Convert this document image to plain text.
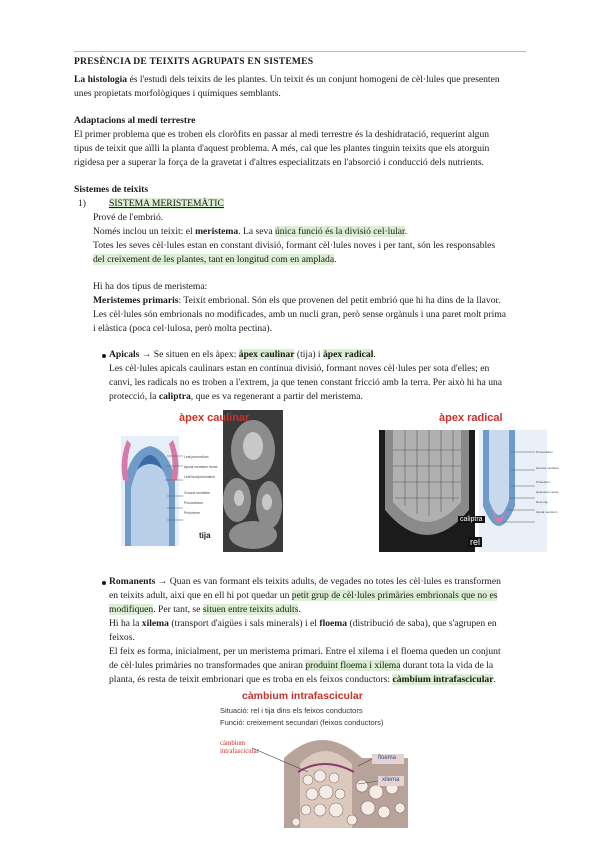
PRESÈNCIA DE TEIXITS AGRUPATS EN SISTEMES
La histologia és l'estudi dels teixits de les plantes. Un teixit és un conjunt homogeni de cèl·lules que presenten
unes propietats morfològiques i químiques semblants.
Adaptacions al medi terrestre
El primer problema que es troben els cloròfits en passar al medi terrestre és la deshidratació, requerint algun
tipus de teixit que aïlli la planta d'aquest problema. A més, cal que les plantes tinguin teixits que els atorguin
rigidesa per a superar la força de la gravetat i d'altres especialitzats en l'absorció i conducció dels nutrients.
Sistemes de teixits
1) SISTEMA MERISTEMÀTIC
Prové de l'embrió.
Només inclou un teixit: el meristema. La seva única funció és la divisió cel·lular.
Totes les seves cèl·lules estan en constant divisió, formant cèl·lules noves i per tant, són les responsables
del creixement de les plantes, tant en longitud com en amplada.
Hi ha dos tipus de meristema:
Meristemes primaris: Teixit embrional. Són els que provenen del petit embrió que hi ha dins de la llavor.
Les cèl·lules són embrionals no modificades, amb un nucli gran, però sense orgànuls i una paret molt prima
i elàstica (poca cel·lulosa, però molta pectina).
Apicals → Se situen en els àpex: àpex caulinar (tija) i àpex radical.
Les cèl·lules apicals caulinars estan en contínua divisió, formant noves cèl·lules per sota d'elles; en
canvi, les radicals no es troben a l'extrem, ja que tenen constant fricció amb la terra. Per això hi ha una
protecció, la caliptra, que es va regenerant a partir del meristema.
àpex caulinar
tija
Leaf primordium
Apical meristem dome
Leaf bud/primordium
Ground meristem
Procambium
Protoderm
àpex radical
caliptra
rel
Procambium
Ground meristem
Protoderm
Quiescent center
Root cap
Apical meristem
Romanents → Quan es van formant els teixits adults, de vegades no totes les cèl·lules es transformen
en teixits adult, així que en ell hi pot quedar un petit grup de cèl·lules primàries embrionals que no es
modifiquen. Per tant, se situen entre teixits adults.
Hi ha la xilema (transport d'aigües i sals minerals) i el floema (distribució de saba), que s'agrupen en
feixos.
El feix es forma, inicialment, per un meristema primari. Entre el xilema i el floema queden un conjunt
de cèl·lules primàries no transformades que aniran produint floema i xilema durant tota la vida de la
planta, és resta de teixit embrionari que es troba en els feixos conductors: càmbium intrafascicular.
càmbium intrafascicular
Situació: rel i tija dins els feixos conductors
Funció: creixement secundari (feixos conductors)
càmbium
intrafascicular
floema
xilema
